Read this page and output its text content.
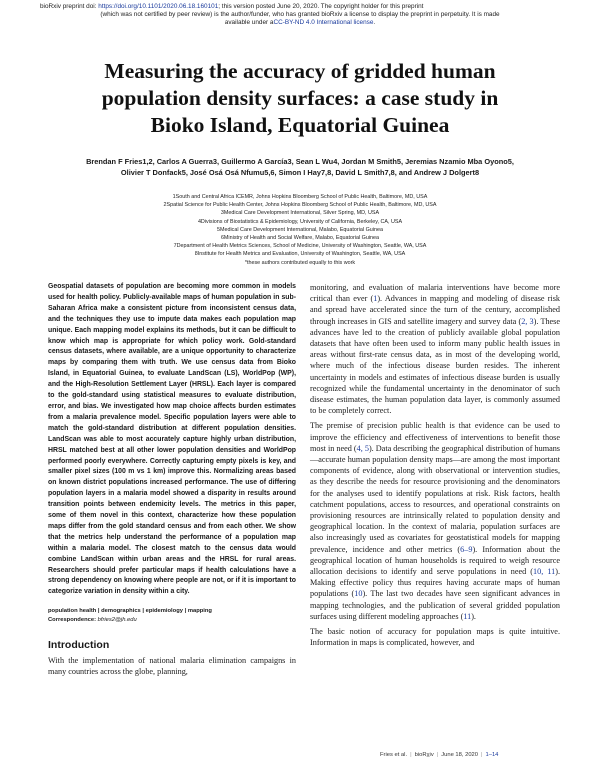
bioRxiv preprint doi: https://doi.org/10.1101/2020.06.18.160101; this version posted June 20, 2020. The copyright holder for this preprint

(which was not certified by peer review) is the author/funder, who has granted bioRxiv a license to display the preprint in perpetuity. It is made
available under aCC-BY-ND 4.0 International license.
Measuring the accuracy of gridded human
population density surfaces: a case study in
Bioko Island, Equatorial Guinea
Brendan F Fries1,2, Carlos A Guerra3, Guillermo A García3, Sean L Wu4, Jordan M Smith5, Jeremias Nzamio Mba Oyono5,
Olivier T Donfack5, José Osá Osá Nfumu5,6, Simon I Hay7,8, David L Smith7,8, and Andrew J Dolgert8
1South and Central Africa ICEMR, Johns Hopkins Bloomberg School of Public Health, Baltimore, MD, USA
2Spatial Science for Public Health Center, Johns Hopkins Bloomberg School of Public Health, Baltimore, MD, USA
3Medical Care Development International, Silver Spring, MD, USA
4Divisions of Biostatistics & Epidemiology, University of California, Berkeley, CA, USA
5Medical Care Development International, Malabo, Equatorial Guinea
6Ministry of Health and Social Welfare, Malabo, Equatorial Guinea
7Department of Health Metrics Sciences, School of Medicine, University of Washington, Seattle, WA, USA
8Institute for Health Metrics and Evaluation, University of Washington, Seattle, WA, USA
*these authors contributed equally to this work

Geospatial datasets of population are becoming more common in models used for health policy. Publicly-available maps of human population in sub-Saharan Africa make a consistent picture from inconsistent census data, and the techniques they use to impute data makes each population map unique. Each mapping model explains its methods, but it can be difficult to know which map is appropriate for which policy work. Gold-standard census datasets, where available, are a unique opportunity to characterize maps by comparing them with truth. We use census data from Bioko Island, in Equatorial Guinea, to evaluate LandScan (LS), WorldPop (WP), and the High-Resolution Settlement Layer (HRSL). Each layer is compared to the gold-standard using statistical measures to evaluate distribution, error, and bias. We investigated how map choice affects burden estimates from a malaria prevalence model. Specific population layers were able to match the gold-standard distribution at different population densities. LandScan was able to most accurately capture highly urban distribution, HRSL matched best at all other lower population densities and WorldPop performed poorly everywhere. Correctly capturing empty pixels is key, and smaller pixel sizes (100 m vs 1 km) improve this. Normalizing areas based on known district populations increased performance. The use of differing population layers in a malaria model showed a disparity in results around transition points between endemicity levels. The metrics in this paper, some of them novel in this context, characterize how these population maps differ from the gold standard census and from each other. We show that the metrics help understand the performance of a population map within a malaria model. The closest match to the census data would combine LandScan within urban areas and the HRSL for rural areas. Researchers should prefer particular maps if health calculations have a strong dependency on knowing where people are not, or if it is important to categorize variation in density within a city.

population health | demographics | epidemiology | mapping
Correspondence: bfries2@jh.edu
Introduction

With the implementation of national malaria elimination campaigns in many countries across the globe, planning,

monitoring, and evaluation of malaria interventions have become more critical than ever (1). Advances in mapping and modeling of disease risk and spread have accelerated since the turn of the century, accomplished through increases in GIS and satellite imagery and survey data (2, 3). These advances have led to the creation of publicly available global population datasets that have often been used to inform many public health issues in areas without first-rate census data, as in most of the developing world, where much of the infectious disease burden resides. The inherent uncertainty in models and estimates of infectious disease burden is usually recognized while the fundamental uncertainty in the denominator of such disease estimates, the human population data layer, is commonly assumed to be completely correct.

The premise of precision public health is that evidence can be used to improve the efficiency and effectiveness of interventions to benefit those most in need (4, 5). Data describing the geographical distribution of humans—accurate human population density maps—are among the most important components of evidence, along with observational or intervention studies, as they describe the needs for resource provisioning and the denominators for the analyses used to identify populations at risk. Risk factors, health catchment populations, access to resources, and operational constraints on provisioning resources are intrinsically related to population density and geographical location. In the context of malaria, population surfaces are also increasingly used as covariates for geostatistical models for mapping prevalence, incidence and other metrics (6–9). Information about the geographical location of human households is required to weigh resource allocation decisions to identify and serve populations in need (10, 11). Making effective policy thus requires having accurate maps of human populations (10). The last two decades have seen significant advances in mapping technologies, and the publication of several gridded population surfaces using different modeling approaches (11).

The basic notion of accuracy for population maps is quite intuitive. Information in maps is complicated, however, and

Fries et al. | bioRχiv | June 18, 2020 | 1–14
